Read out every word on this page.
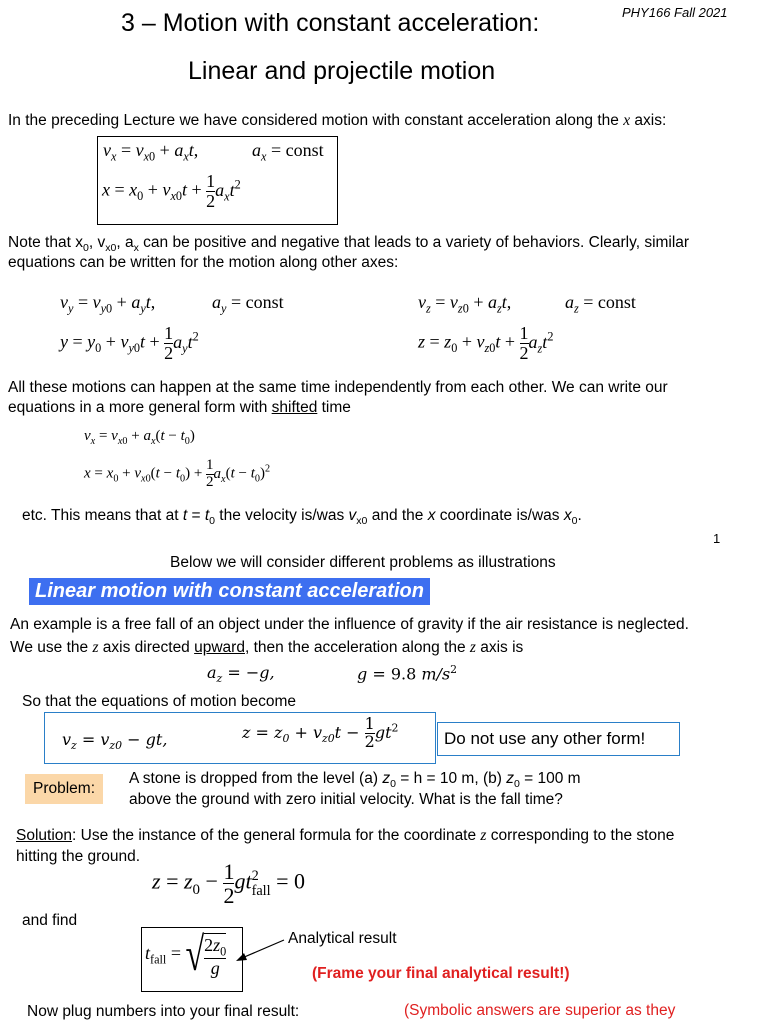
3 – Motion with constant acceleration:	PHY166 Fall 2021
Linear and projectile motion
In the preceding Lecture we have considered motion with constant acceleration along the x axis:
$v_x = v_{x0} + a_xt$,	$a_x$ = const
$x = x_0 + v_{x0}t + \frac{1}{2} a_xt^2$
Note that $x_0$, $v_{x0}$, $a_x$ can be positive and negative that leads to a variety of behaviors. Clearly, similar
equations can be written for the motion along other axes:
$v_y = v_{y0} + a_yt$,	$a_y$ = const
$y = y_0 + v_{y0}t + \frac{1}{2} a_yt^2$
$v_z = v_{z0} + a_zt$,	$a_z$ = const
$z = z_0 + v_{z0}t + \frac{1}{2} a_zt^2$
All these motions can happen at the same time independently from each other. We can write our
equations in a more general form with shifted time
$v_x = v_{x0} + a_x(t - t_0)$
$x = x_0 + v_{x0}(t - t_0) + \frac{1}{2} a_x(t - t_0)^2$
etc. This means that at $t = t_0$ the velocity is/was $v_{x0}$ and the x coordinate is/was $x_0$.
1
Below we will consider different problems as illustrations
Linear motion with constant acceleration
An example is a free fall of an object under the influence of gravity if the air resistance is neglected.
We use the z axis directed upward, then the acceleration along the z axis is
$a_z = -g$,	g = 9.8 $m/s^2$
So that the equations of motion become
$v_z = v_{z0}$ − gt,	$z = z_0 + v_{z0}t - \frac{1}{2} gt^2$
Do not use any other form!
Problem:
A stone is dropped from the level (a) $z_0 = h = 10$ m, (b) $z_0 = 100$ m
above the ground with zero initial velocity. What is the fall time?
Solution: Use the instance of the general formula for the coordinate z corresponding to the stone
hitting the ground.
$z = z_0 - \frac{1}{2}$ gt 2
fall = 0
and find
$t_{fall}$ = √ $\frac{2z_0}{g}$	Analytical result
(Frame your final analytical result!)
Now plug numbers into your final result:	(Symbolic answers are superior as they
